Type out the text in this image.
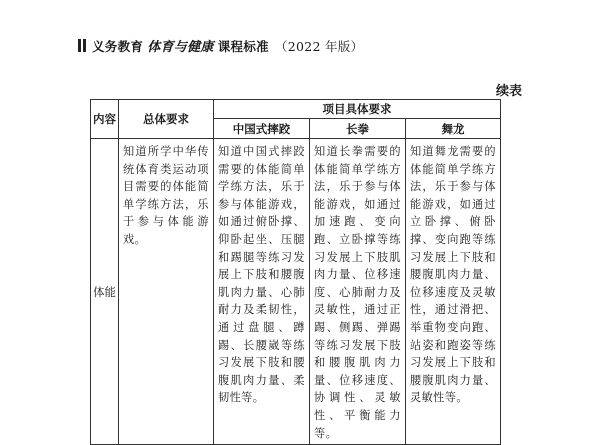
义务教育 体育与健康 课程标准 （2022 年版）
续表
内容	总体要求	项目具体要求		
		中国式摔跤	长拳	舞龙
体能	知道所学中华传统体育类运动项目需要的体能简单学练方法，乐于参与体能游戏。	知道中国式摔跤需要的体能简单学练方法，乐于参与体能游戏，如通过俯卧撑、仰卧起坐、压腿和踢腿等练习发展上下肢和腰腹肌肉力量、心肺耐力及柔韧性，通过盘腿、蹲踢、长腰崴等练习发展下肢和腰腹肌肉力量、柔韧性等。	知道长拳需要的体能简单学练方法，乐于参与体能游戏，如通过加速跑、变向跑、立卧撑等练习发展上下肢肌肉力量、位移速度、心肺耐力及灵敏性，通过正踢、侧踢、弹踢等练习发展下肢和腰腹肌肉力量、位移速度、协调性、灵敏性、平衡能力等。	知道舞龙需要的体能简单学练方法，乐于参与体能游戏，如通过立卧撑、俯卧撑、变向跑等练习发展上下肢和腰腹肌肉力量、位移速度及灵敏性，通过滑把、举重物变向跑、站姿和跑姿等练习发展上下肢和腰腹肌肉力量、灵敏性等。
